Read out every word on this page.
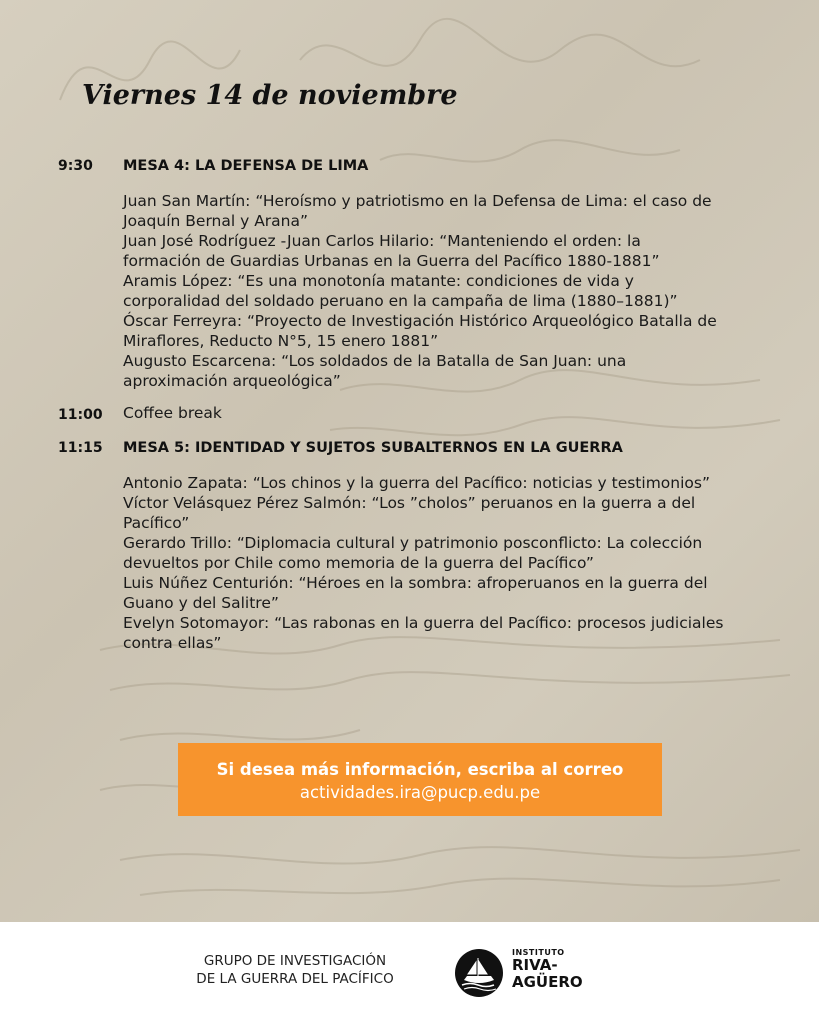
Viernes 14 de noviembre
9:30 MESA 4: LA DEFENSA DE LIMA
Juan San Martín: “Heroísmo y patriotismo en la Defensa de Lima: el caso de
Joaquín Bernal y Arana”
Juan José Rodríguez -Juan Carlos Hilario: “Manteniendo el orden: la
formación de Guardias Urbanas en la Guerra del Pacífico 1880-1881”
Aramis López: “Es una monotonía matante: condiciones de vida y
corporalidad del soldado peruano en la campaña de lima (1880–1881)”
Óscar Ferreyra: “Proyecto de Investigación Histórico Arqueológico Batalla de
Miraflores, Reducto N°5, 15 enero 1881”
Augusto Escarcena: “Los soldados de la Batalla de San Juan: una
aproximación arqueológica”
11:00 Coffee break
11:15 MESA 5: IDENTIDAD Y SUJETOS SUBALTERNOS EN LA GUERRA
Antonio Zapata: “Los chinos y la guerra del Pacífico: noticias y testimonios”
Víctor Velásquez Pérez Salmón: “Los ”cholos” peruanos en la guerra a del
Pacífico”
Gerardo Trillo: “Diplomacia cultural y patrimonio posconflicto: La colección
devueltos por Chile como memoria de la guerra del Pacífico”
Luis Núñez Centurión: “Héroes en la sombra: afroperuanos en la guerra del
Guano y del Salitre”
Evelyn Sotomayor: “Las rabonas en la guerra del Pacífico: procesos judiciales
contra ellas”
Si desea más información, escriba al correo
actividades.ira@pucp.edu.pe
GRUPO DE INVESTIGACIÓN
DE LA GUERRA DEL PACÍFICO
INSTITUTO
RIVA-
AGÜERO
